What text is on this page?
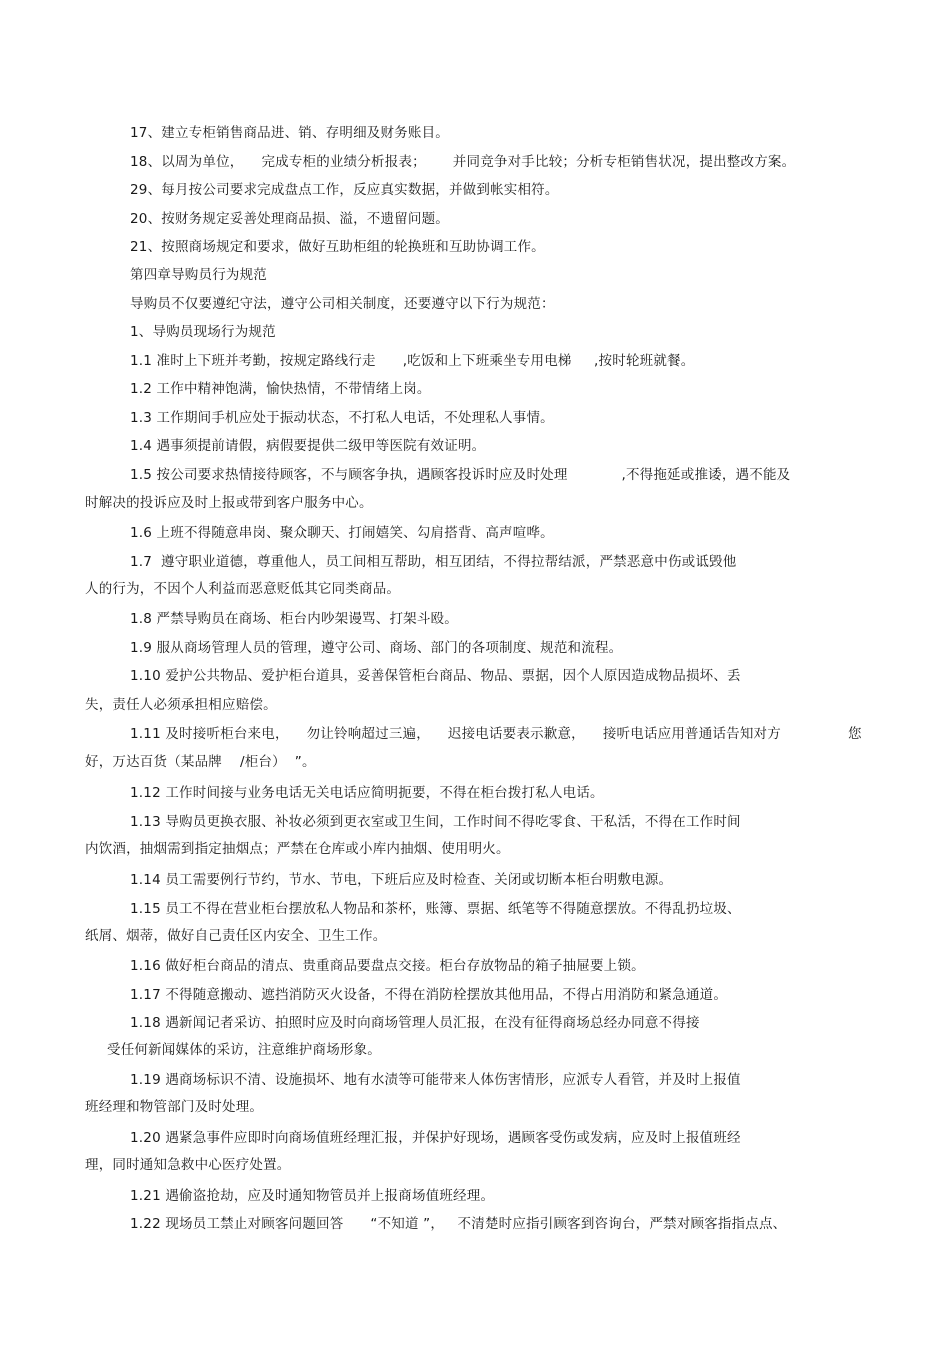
17、建立专柜销售商品进、销、存明细及财务账目。
18、以周为单位，    完成专柜的业绩分析报表；      并同竞争对手比较；分析专柜销售状况，提出整改方案。
29、每月按公司要求完成盘点工作，反应真实数据，并做到帐实相符。
20、按财务规定妥善处理商品损、溢，不遗留问题。
21、按照商场规定和要求，做好互助柜组的轮换班和互助协调工作。
第四章导购员行为规范
导购员不仅要遵纪守法，遵守公司相关制度，还要遵守以下行为规范：
1、导购员现场行为规范
1.1 准时上下班并考勤，按规定路线行走      ,吃饭和上下班乘坐专用电梯     ,按时轮班就餐。
1.2 工作中精神饱满，愉快热情，不带情绪上岗。
1.3 工作期间手机应处于振动状态，不打私人电话，不处理私人事情。
1.4 遇事须提前请假，病假要提供二级甲等医院有效证明。
1.5 按公司要求热情接待顾客，不与顾客争执，遇顾客投诉时应及时处理            ,不得拖延或推诿，遇不能及
时解决的投诉应及时上报或带到客户服务中心。
1.6 上班不得随意串岗、聚众聊天、打闹嬉笑、勾肩搭背、高声喧哗。
1.7  遵守职业道德，尊重他人，员工间相互帮助，相互团结，不得拉帮结派，严禁恶意中伤或诋毁他
人的行为，不因个人利益而恶意贬低其它同类商品。
1.8 严禁导购员在商场、柜台内吵架谩骂、打架斗殴。
1.9 服从商场管理人员的管理，遵守公司、商场、部门的各项制度、规范和流程。
1.10 爱护公共物品、爱护柜台道具，妥善保管柜台商品、物品、票据，因个人原因造成物品损坏、丢
失，责任人必须承担相应赔偿。
1.11 及时接听柜台来电，    勿让铃响超过三遍，    迟接电话要表示歉意，    接听电话应用普通话告知对方	您
好，万达百货（某品牌    /柜台）  ”。
1.12 工作时间接与业务电话无关电话应简明扼要，不得在柜台拨打私人电话。
1.13 导购员更换衣服、补妆必须到更衣室或卫生间，工作时间不得吃零食、干私活，不得在工作时间
内饮酒，抽烟需到指定抽烟点；严禁在仓库或小库内抽烟、使用明火。
1.14 员工需要例行节约，节水、节电，下班后应及时检查、关闭或切断本柜台明敷电源。
1.15 员工不得在营业柜台摆放私人物品和茶杯，账簿、票据、纸笔等不得随意摆放。不得乱扔垃圾、
纸屑、烟蒂，做好自己责任区内安全、卫生工作。
1.16 做好柜台商品的清点、贵重商品要盘点交接。柜台存放物品的箱子抽屉要上锁。
1.17 不得随意搬动、遮挡消防灭火设备，不得在消防栓摆放其他用品，不得占用消防和紧急通道。
1.18 遇新闻记者采访、拍照时应及时向商场管理人员汇报，在没有征得商场总经办同意不得接
受任何新闻媒体的采访，注意维护商场形象。
1.19 遇商场标识不清、设施损坏、地有水渍等可能带来人体伤害情形，应派专人看管，并及时上报值
班经理和物管部门及时处理。
1.20 遇紧急事件应即时向商场值班经理汇报，并保护好现场，遇顾客受伤或发病，应及时上报值班经
理，同时通知急救中心医疗处置。
1.21 遇偷盗抢劫，应及时通知物管员并上报商场值班经理。
1.22 现场员工禁止对顾客问题回答      “不知道 ”，   不清楚时应指引顾客到咨询台，严禁对顾客指指点点、
